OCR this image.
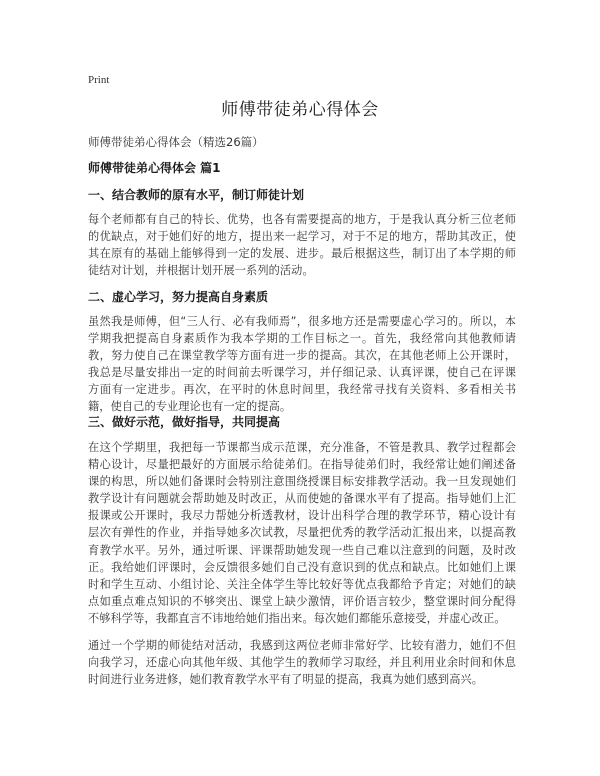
Print
师傅带徒弟心得体会
师傅带徒弟心得体会（精选26篇）
师傅带徒弟心得体会 篇1
一、结合教师的原有水平，制订师徒计划
每个老师都有自己的特长、优势，也各有需要提高的地方，于是我认真分析三位老师的优缺点，对于她们好的地方，提出来一起学习，对于不足的地方，帮助其改正，使其在原有的基础上能够得到一定的发展、进步。最后根据这些，制订出了本学期的师徒结对计划，并根据计划开展一系列的活动。
二、虚心学习，努力提高自身素质
虽然我是师傅，但“三人行、必有我师焉”，很多地方还是需要虚心学习的。所以，本学期我把提高自身素质作为我本学期的工作目标之一。首先，我经常向其他教师请教，努力使自己在课堂教学等方面有进一步的提高。其次，在其他老师上公开课时，我总是尽量安排出一定的时间前去听课学习，并仔细记录、认真评课，使自己在评课方面有一定进步。再次，在平时的休息时间里，我经常寻找有关资料、多看相关书籍，使自己的专业理论也有一定的提高。
三、做好示范，做好指导，共同提高
在这个学期里，我把每一节课都当成示范课，充分准备，不管是教具、教学过程都会精心设计，尽量把最好的方面展示给徒弟们。在指导徒弟们时，我经常让她们阐述备课的构思，所以她们备课时会特别注意围绕授课目标安排教学活动。我一旦发现她们教学设计有问题就会帮助她及时改正，从而使她的备课水平有了提高。指导她们上汇报课或公开课时，我尽力帮她分析透教材，设计出科学合理的教学环节，精心设计有层次有弹性的作业，并指导她多次试教，尽量把优秀的教学活动汇报出来，以提高教育教学水平。另外，通过听课、评课帮助她发现一些自己难以注意到的问题，及时改正。我给她们评课时，会反馈很多她们自己没有意识到的优点和缺点。比如她们上课时和学生互动、小组讨论、关注全体学生等比较好等优点我都给予肯定；对她们的缺点如重点难点知识的不够突出、课堂上缺少激情，评价语言较少，整堂课时间分配得不够科学等，我都直言不讳地给她们指出来。每次她们都能乐意接受，并虚心改正。
通过一个学期的师徒结对活动，我感到这两位老师非常好学、比较有潜力，她们不但向我学习，还虚心向其他年级、其他学生的教师学习取经，并且利用业余时间和休息时间进行业务进修，她们教育教学水平有了明显的提高，我真为她们感到高兴。
